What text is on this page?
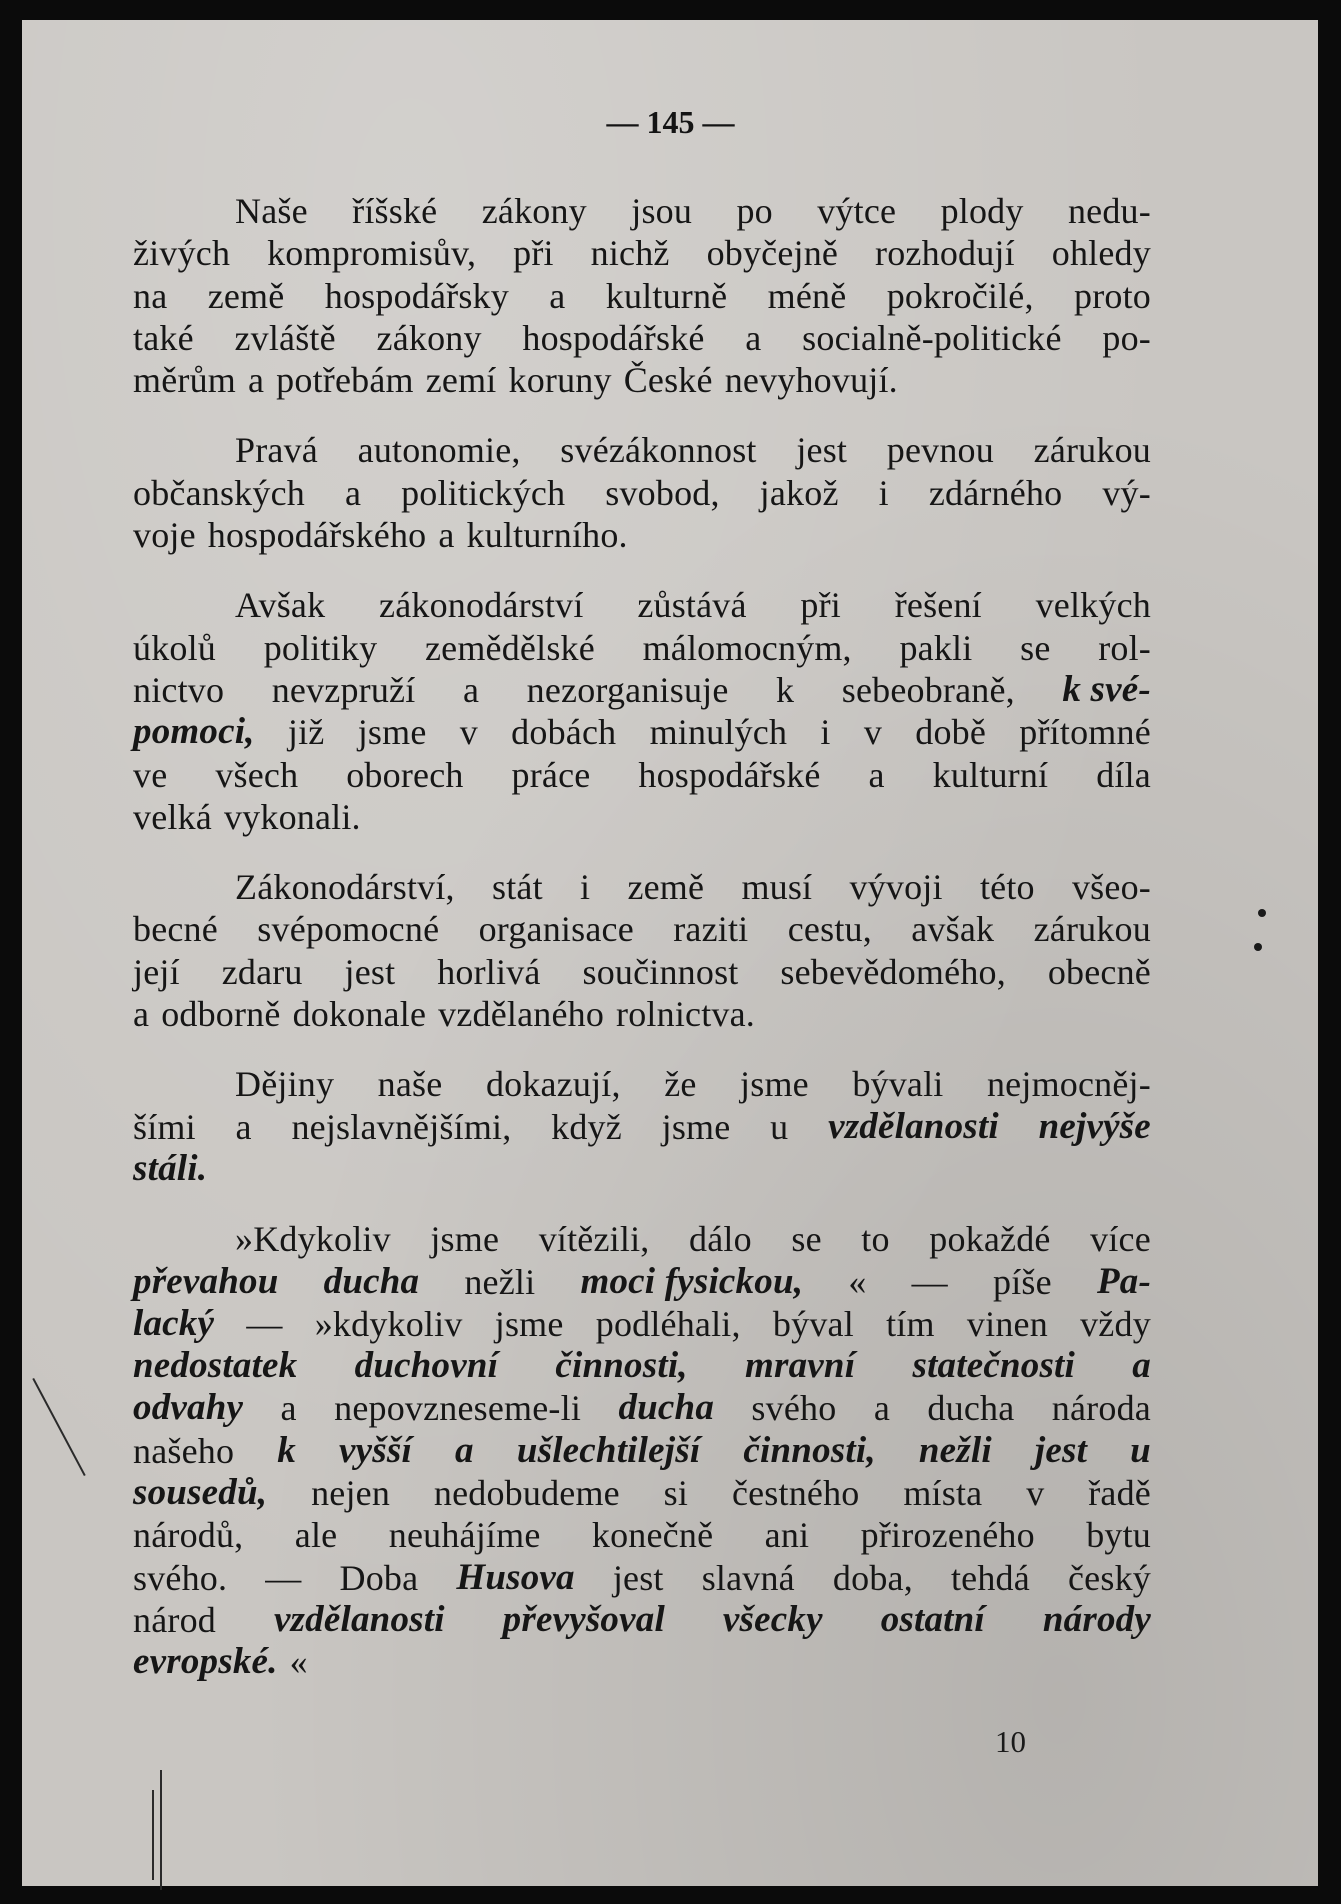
— 145 —
Naše říšské zákony jsou po výtce plody nedu-
živých kompromisův, při nichž obyčejně rozhodují ohledy
na země hospodářsky a kulturně méně pokročilé, proto
také zvláště zákony hospodářské a socialně-politické po-
měrům a potřebám zemí koruny České nevyhovují.
Pravá autonomie, svézákonnost jest pevnou zárukou
občanských a politických svobod, jakož i zdárného vý-
voje hospodářského a kulturního.
Avšak zákonodárství zůstává při řešení velkých
úkolů politiky zemědělské málomocným, pakli se rol-
nictvo nevzpruží a nezorganisuje k sebeobraně, k své-
pomoci, již jsme v dobách minulých i v době přítomné
ve všech oborech práce hospodářské a kulturní díla
velká vykonali.
Zákonodárství, stát i země musí vývoji této všeo-
becné svépomocné organisace raziti cestu, avšak zárukou
její zdaru jest horlivá součinnost sebevědomého, obecně
a odborně dokonale vzdělaného rolnictva.
Dějiny naše dokazují, že jsme bývali nejmocněj-
šími a nejslavnějšími, když jsme u vzdělanosti nejvýše
stáli.
»Kdykoliv jsme vítězili, dálo se to pokaždé více
převahou ducha nežli moci fysickou, « — píše Pa-
lacký — »kdykoliv jsme podléhali, býval tím vinen vždy
nedostatek duchovní činnosti, mravní statečnosti a
odvahy a nepovzneseme-li ducha svého a ducha národa
našeho k vyšší a ušlechtilejší činnosti, nežli jest u
sousedů, nejen nedobudeme si čestného místa v řadě
národů, ale neuhájíme konečně ani přirozeného bytu
svého. — Doba Husova jest slavná doba, tehdá český
národ vzdělanosti převyšoval všecky ostatní národy
evropské. «
10
